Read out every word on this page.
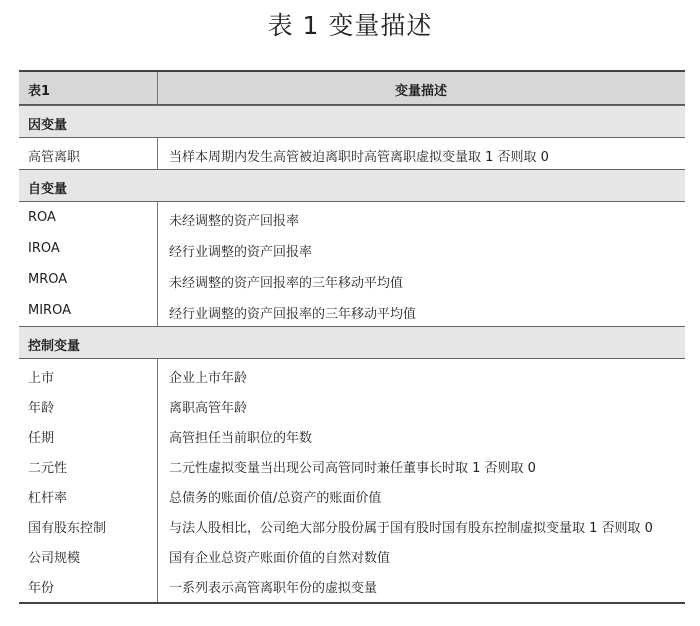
表 1 变量描述
表1	变量描述
因变量
高管离职	当样本周期内发生高管被迫离职时高管离职虚拟变量取 1 否则取 0
自变量
ROA	未经调整的资产回报率
IROA	经行业调整的资产回报率
MROA	未经调整的资产回报率的三年移动平均值
MIROA	经行业调整的资产回报率的三年移动平均值
控制变量
上市	企业上市年龄
年龄	离职高管年龄
任期	高管担任当前职位的年数
二元性	二元性虚拟变量当出现公司高管同时兼任董事长时取 1 否则取 0
杠杆率	总债务的账面价值/总资产的账面价值
国有股东控制	与法人股相比，公司绝大部分股份属于国有股时国有股东控制虚拟变量取 1 否则取 0
公司规模	国有企业总资产账面价值的自然对数值
年份	一系列表示高管离职年份的虚拟变量
